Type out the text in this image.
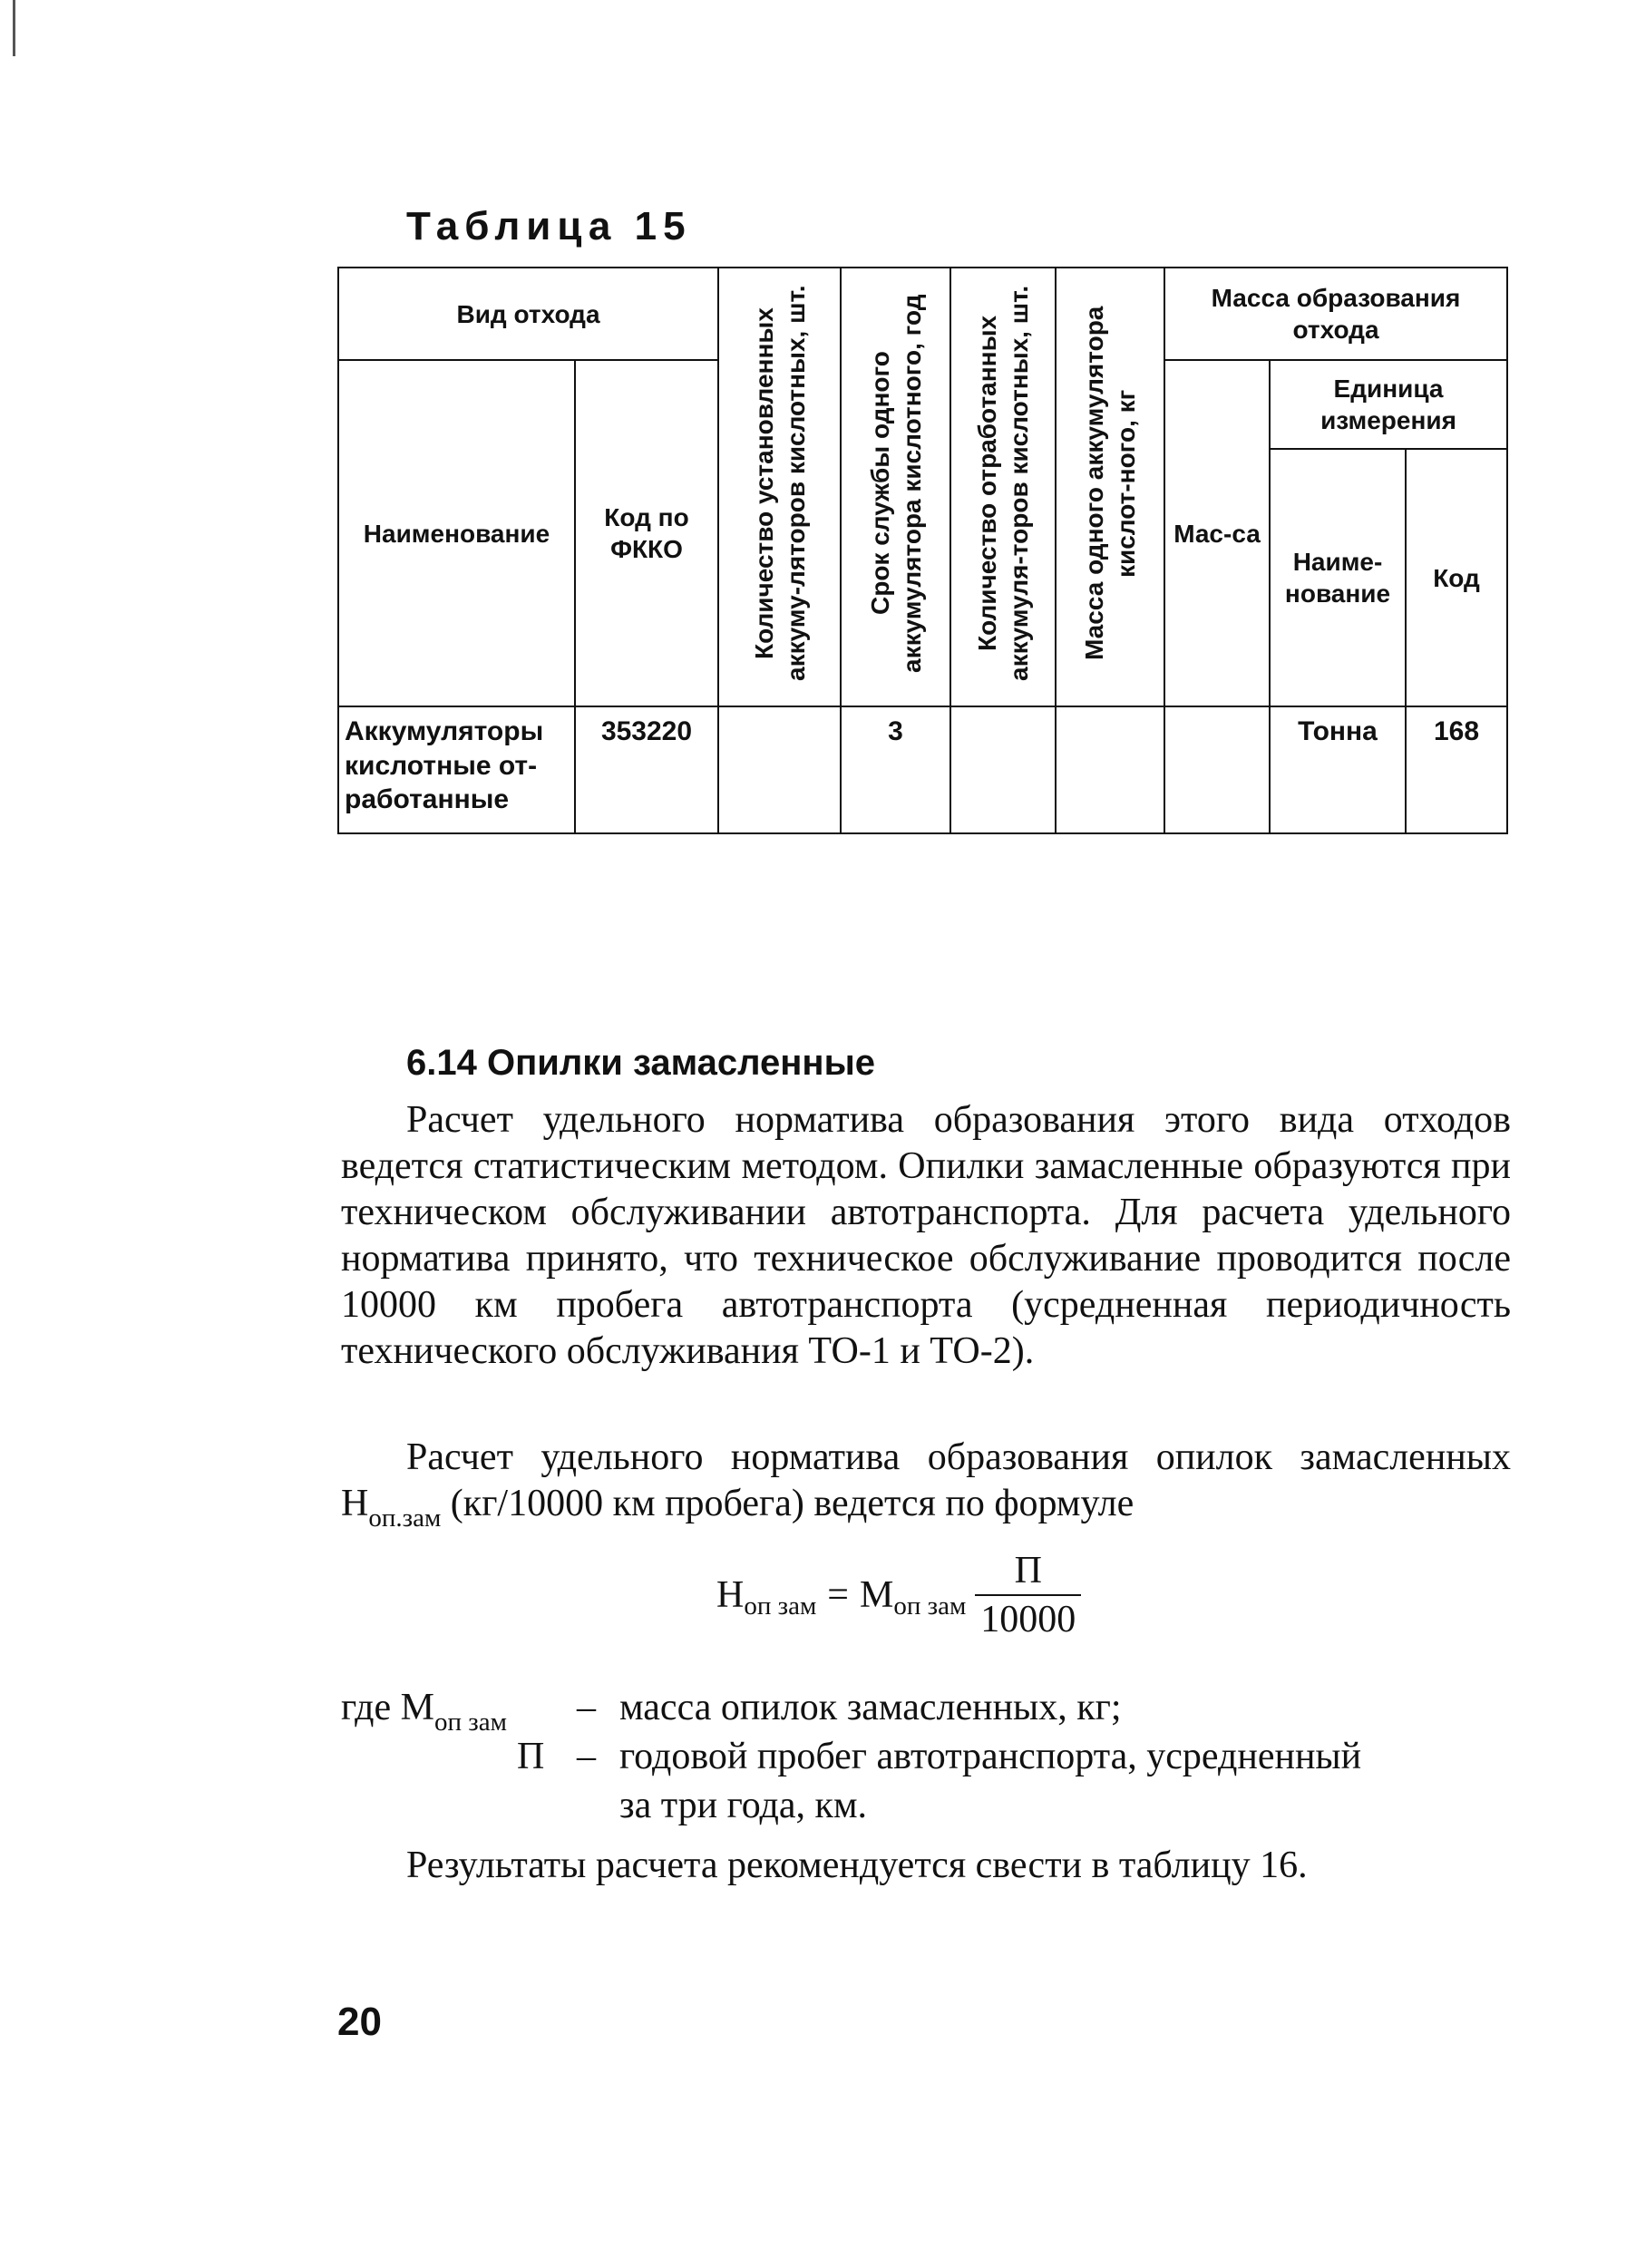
Таблица 15
Вид отхода		Количество установленных аккуму-ляторов кислотных, шт.	Срок службы одного аккумулятора кислотного, год	Количество отработанных аккумуля-торов кислотных, шт.	Масса одного аккумулятора кислот-ного, кг	Масса образования отхода		
Наименование	Код по ФККО					Мас-са	Единица измерения	
							Наиме-нование	Код

Аккумуляторы кислотные от-работанные	353220		3				Тонна	168
6.14 Опилки замасленные

Расчет удельного норматива образования этого вида отходов ведется статистическим методом. Опилки замасленные образуются при техническом обслуживании автотранспорта. Для расчета удельного норматива принято, что техническое обслуживание проводится после 10000 км пробега автотранспорта (усредненная периодичность технического обслуживания ТО-1 и ТО-2).

Расчет удельного норматива образования опилок замасленных $Н_{оп.зам}$ (кг/10000 км пробега) ведется по формуле

Н оп зам = М оп зам $\frac{П}{10000}$
где $М_{оп зам}$ – масса опилок замасленных, кг;
П – годовой пробег автотранспорта, усредненный
за три года, км.

Результаты расчета рекомендуется свести в таблицу 16.

20
